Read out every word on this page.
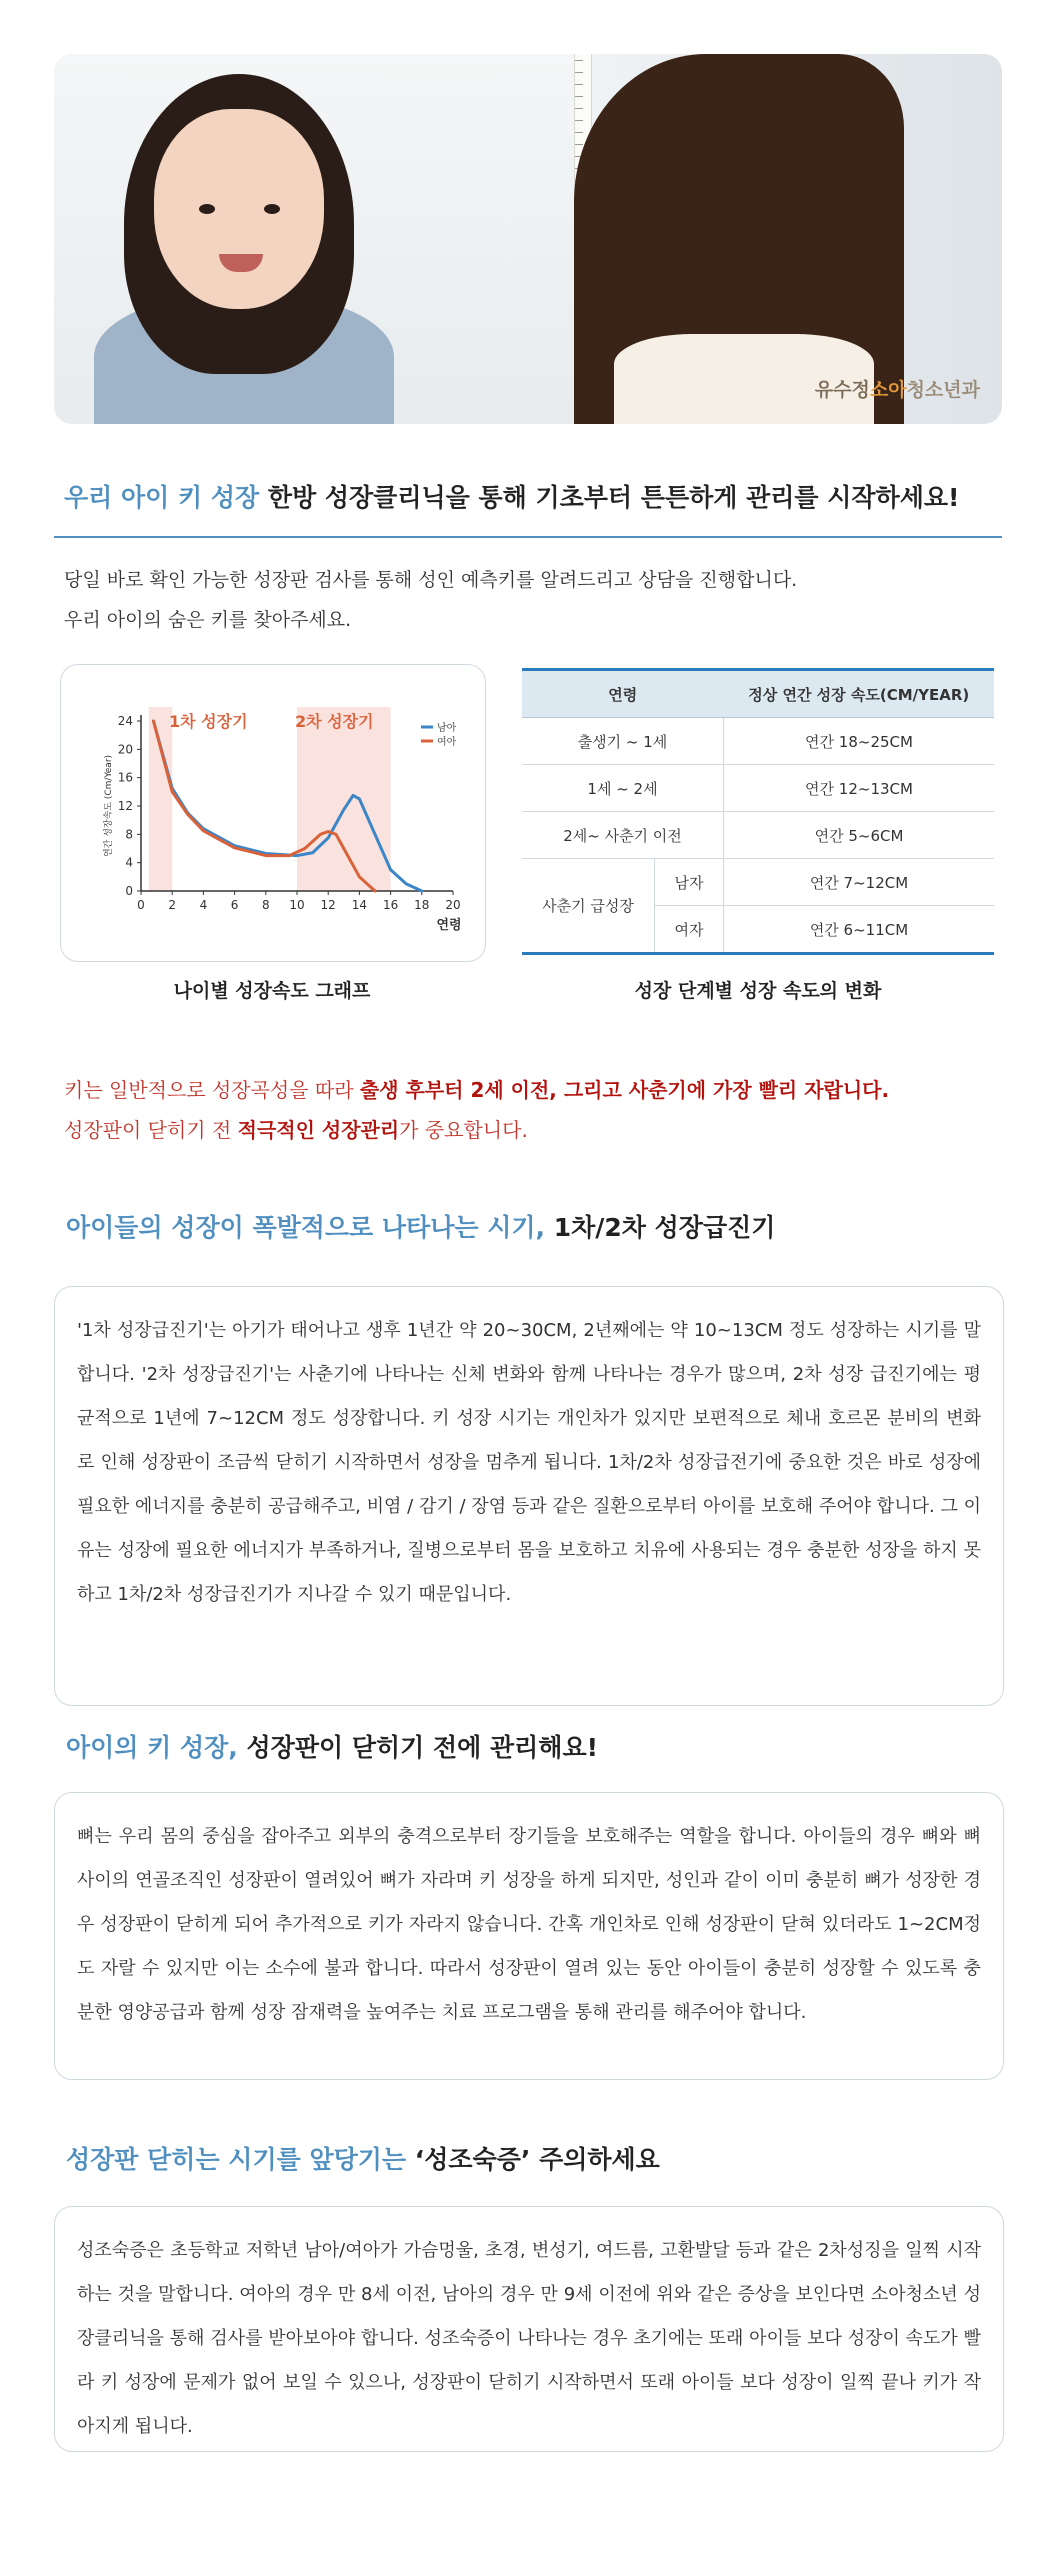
유수정소아청소년과
우리 아이 키 성장 한방 성장클리닉을 통해 기초부터 튼튼하게 관리를 시작하세요!
당일 바로 확인 가능한 성장판 검사를 통해 성인 예측키를 알려드리고 상담을 진행합니다.
우리 아이의 숨은 키를 찾아주세요.
0
4
8
12
16
20
24
0 2 4 6 8 10 12 14 16 18 20
연령
연간 성장속도 (Cm/Year)
1차 성장기	2차 성장기	남아
여아
나이별 성장속도 그래프
연령		정상 연간 성장 속도(CM/YEAR)
출생기 ~ 1세		연간 18~25CM
1세 ~ 2세		연간 12~13CM
2세~ 사춘기 이전		연간 5~6CM
사춘기 급성장	남자	연간 7~12CM
	여자	연간 6~11CM
성장 단계별 성장 속도의 변화
키는 일반적으로 성장곡성을 따라 출생 후부터 2세 이전, 그리고 사춘기에 가장 빨리 자랍니다.
성장판이 닫히기 전 적극적인 성장관리가 중요합니다.
아이들의 성장이 폭발적으로 나타나는 시기, 1차/2차 성장급진기
'1차 성장급진기'는 아기가 태어나고 생후 1년간 약 20~30CM, 2년째에는 약 10~13CM 정도 성장하는 시기를 말합니다. '2차 성장급진기'는 사춘기에 나타나는 신체 변화와 함께 나타나는 경우가 많으며, 2차 성장 급진기에는 평균적으로 1년에 7~12CM 정도 성장합니다. 키 성장 시기는 개인차가 있지만 보편적으로 체내 호르몬 분비의 변화로 인해 성장판이 조금씩 닫히기 시작하면서 성장을 멈추게 됩니다. 1차/2차 성장급전기에 중요한 것은 바로 성장에 필요한 에너지를 충분히 공급해주고, 비염 / 감기 / 장염 등과 같은 질환으로부터 아이를 보호해 주어야 합니다. 그 이유는 성장에 필요한 에너지가 부족하거나, 질병으로부터 몸을 보호하고 치유에 사용되는 경우 충분한 성장을 하지 못하고 1차/2차 성장급진기가 지나갈 수 있기 때문입니다.
아이의 키 성장, 성장판이 닫히기 전에 관리해요!
뼈는 우리 몸의 중심을 잡아주고 외부의 충격으로부터 장기들을 보호해주는 역할을 합니다. 아이들의 경우 뼈와 뼈 사이의 연골조직인 성장판이 열려있어 뼈가 자라며 키 성장을 하게 되지만, 성인과 같이 이미 충분히 뼈가 성장한 경우 성장판이 닫히게 되어 추가적으로 키가 자라지 않습니다. 간혹 개인차로 인해 성장판이 닫혀 있더라도 1~2CM정도 자랄 수 있지만 이는 소수에 불과 합니다. 따라서 성장판이 열려 있는 동안 아이들이 충분히 성장할 수 있도록 충분한 영양공급과 함께 성장 잠재력을 높여주는 치료 프로그램을 통해 관리를 해주어야 합니다.
성장판 닫히는 시기를 앞당기는 ‘성조숙증’ 주의하세요
성조숙증은 초등학교 저학년 남아/여아가 가슴멍울, 초경, 변성기, 여드름, 고환발달 등과 같은 2차성징을 일찍 시작하는 것을 말합니다. 여아의 경우 만 8세 이전, 남아의 경우 만 9세 이전에 위와 같은 증상을 보인다면 소아청소년 성장클리닉을 통해 검사를 받아보아야 합니다. 성조숙증이 나타나는 경우 초기에는 또래 아이들 보다 성장이 속도가 빨라 키 성장에 문제가 없어 보일 수 있으나, 성장판이 닫히기 시작하면서 또래 아이들 보다 성장이 일찍 끝나 키가 작아지게 됩니다.
